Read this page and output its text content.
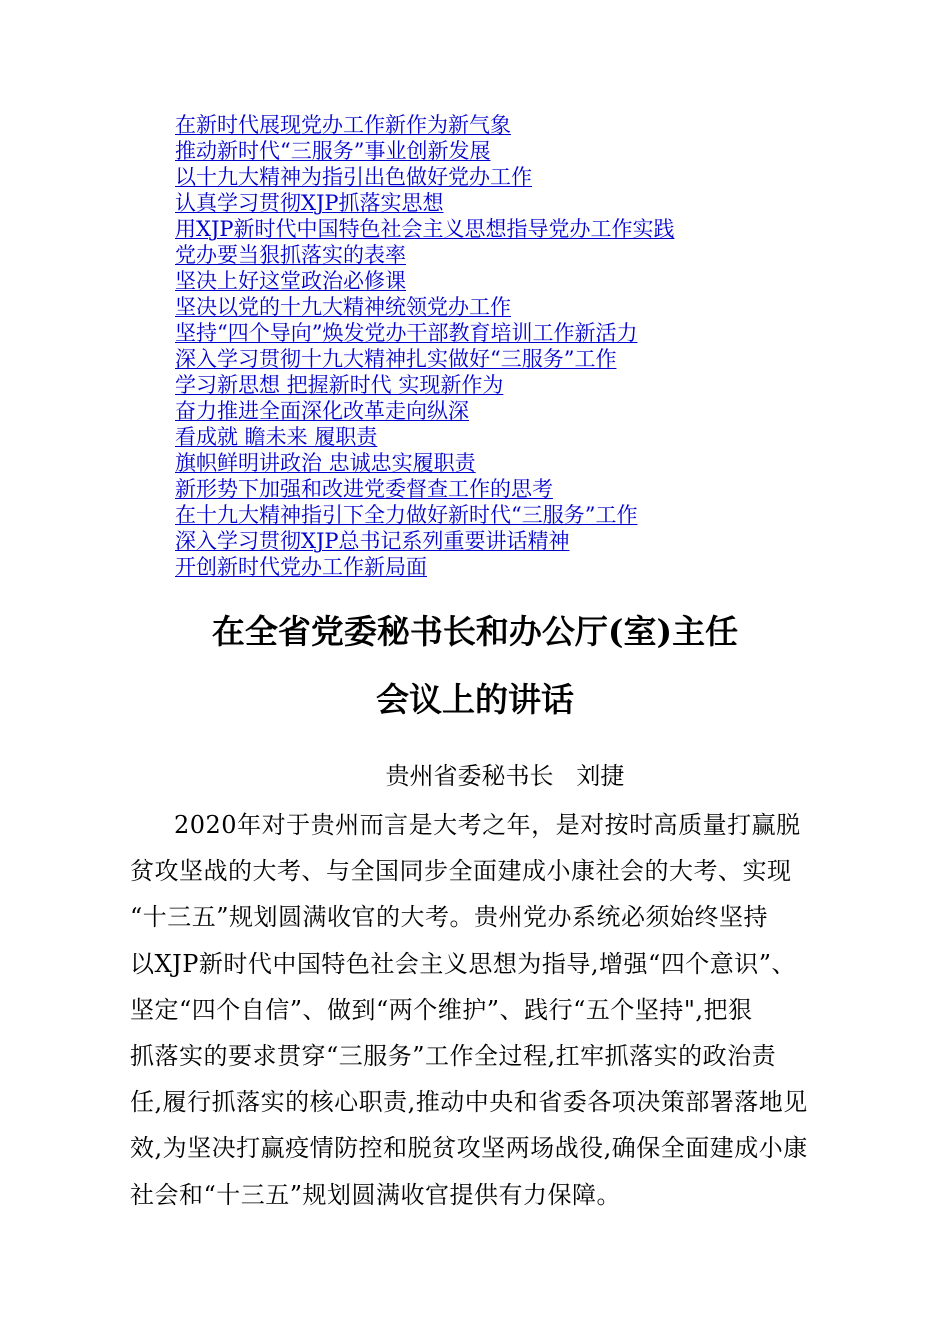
在新时代展现党办工作新作为新气象
推动新时代“三服务”事业创新发展
以十九大精神为指引出色做好党办工作
认真学习贯彻XJP抓落实思想
用XJP新时代中国特色社会主义思想指导党办工作实践
党办要当狠抓落实的表率
坚决上好这堂政治必修课
坚决以党的十九大精神统领党办工作
坚持“四个导向”焕发党办干部教育培训工作新活力
深入学习贯彻十九大精神扎实做好“三服务”工作
学习新思想 把握新时代 实现新作为
奋力推进全面深化改革走向纵深
看成就 瞻未来 履职责
旗帜鲜明讲政治 忠诚忠实履职责
新形势下加强和改进党委督查工作的思考
在十九大精神指引下全力做好新时代“三服务”工作
深入学习贯彻XJP总书记系列重要讲话精神
开创新时代党办工作新局面
在全省党委秘书长和办公厅(室)主任
会议上的讲话
贵州省委秘书长   刘捷
2020年对于贵州而言是大考之年，是对按时高质量打赢脱
贫攻坚战的大考、与全国同步全面建成小康社会的大考、实现
“十三五”规划圆满收官的大考。贵州党办系统必须始终坚持
以XJP新时代中国特色社会主义思想为指导,增强“四个意识”、
坚定“四个自信”、做到“两个维护”、践行“五个坚持",把狠
抓落实的要求贯穿“三服务”工作全过程,扛牢抓落实的政治责
任,履行抓落实的核心职责,推动中央和省委各项决策部署落地见
效,为坚决打赢疫情防控和脱贫攻坚两场战役,确保全面建成小康
社会和“十三五”规划圆满收官提供有力保障。
